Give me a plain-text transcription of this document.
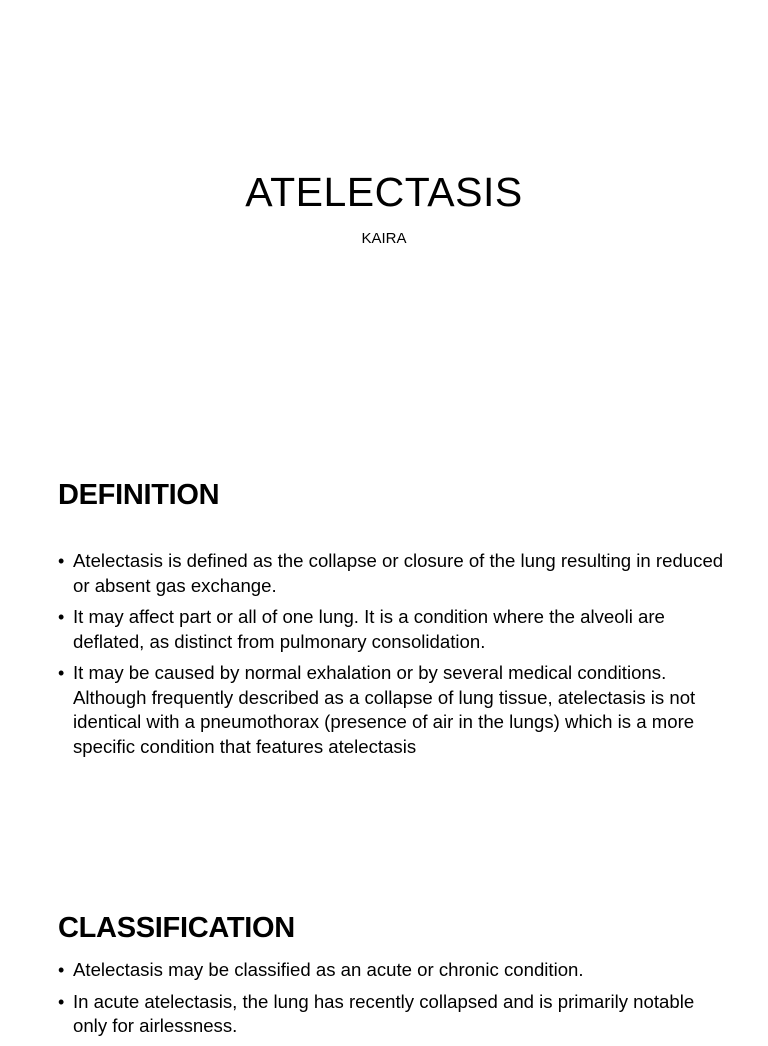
ATELECTASIS

KAIRA

DEFINITION
• Atelectasis is defined as the collapse or closure of the lung resulting in reduced or absent gas exchange.
• It may affect part or all of one lung. It is a condition where the alveoli are deflated, as distinct from pulmonary consolidation.
• It may be caused by normal exhalation or by several medical conditions. Although frequently described as a collapse of lung tissue, atelectasis is not identical with a pneumothorax (presence of air in the lungs) which is a more specific condition that features atelectasis
CLASSIFICATION
• Atelectasis may be classified as an acute or chronic condition.
• In acute atelectasis, the lung has recently collapsed and is primarily notable only for airlessness.
